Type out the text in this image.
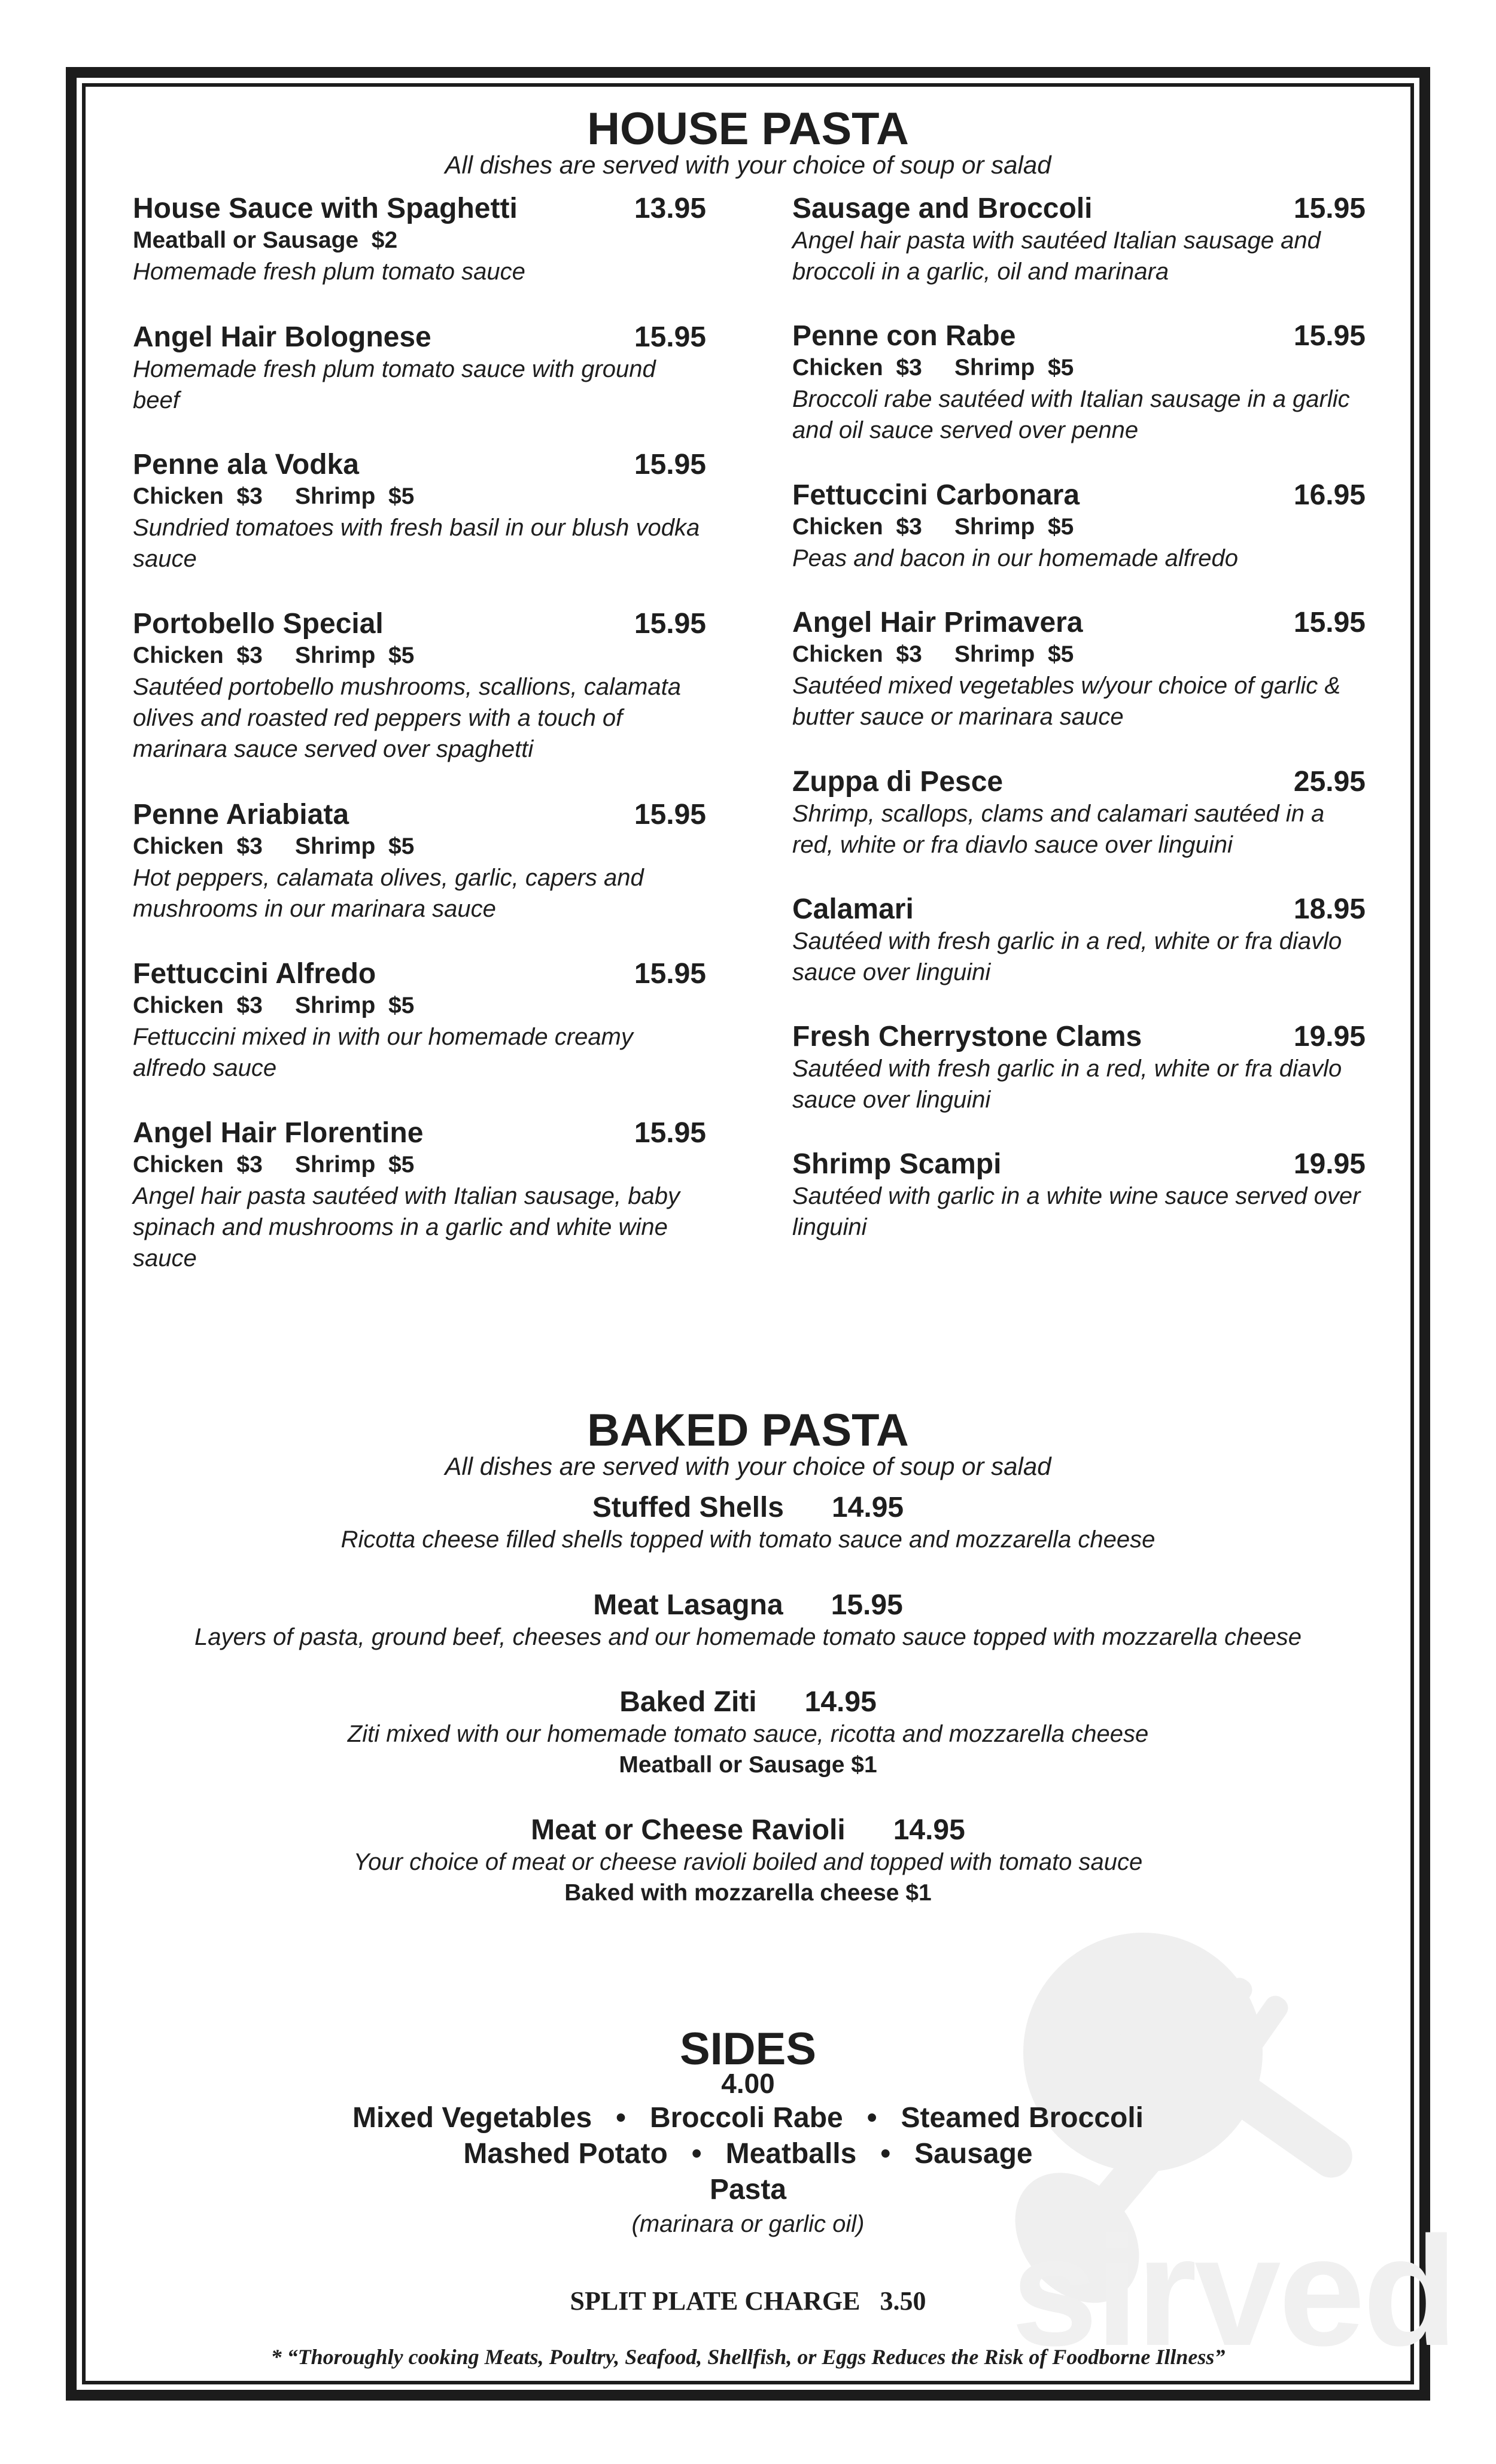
sirved
HOUSE PASTA
All dishes are served with your choice of soup or salad
House Sauce with Spaghetti	13.95
Meatball or Sausage  $2
Homemade fresh plum tomato sauce
Angel Hair Bolognese	15.95
Homemade fresh plum tomato sauce with ground beef
Penne ala Vodka	15.95
Chicken  $3     Shrimp  $5
Sundried tomatoes with fresh basil in our blush vodka sauce
Portobello Special	15.95
Chicken  $3     Shrimp  $5
Sautéed portobello mushrooms, scallions, calamata olives and roasted red peppers with a touch of marinara sauce served over spaghetti
Penne Ariabiata	15.95
Chicken  $3     Shrimp  $5
Hot peppers, calamata olives, garlic, capers and mushrooms in our marinara sauce
Fettuccini Alfredo	15.95
Chicken  $3     Shrimp  $5
Fettuccini mixed in with our homemade creamy alfredo sauce
Angel Hair Florentine	15.95
Chicken  $3     Shrimp  $5
Angel hair pasta sautéed with Italian sausage, baby spinach and mushrooms in a garlic and white wine sauce
Sausage and Broccoli	15.95
Angel hair pasta with sautéed Italian sausage and broccoli in a garlic, oil and marinara
Penne con Rabe	15.95
Chicken  $3     Shrimp  $5
Broccoli rabe sautéed with Italian sausage in a garlic and oil sauce served over penne
Fettuccini Carbonara	16.95
Chicken  $3     Shrimp  $5
Peas and bacon in our homemade alfredo
Angel Hair Primavera	15.95
Chicken  $3     Shrimp  $5
Sautéed mixed vegetables w/your choice of garlic & butter sauce or marinara sauce
Zuppa di Pesce	25.95
Shrimp, scallops, clams and calamari sautéed in a red, white or fra diavlo sauce over linguini
Calamari	18.95
Sautéed with fresh garlic in a red, white or fra diavlo sauce over linguini
Fresh Cherrystone Clams	19.95
Sautéed with fresh garlic in a red, white or fra diavlo sauce over linguini
Shrimp Scampi	19.95
Sautéed with garlic in a white wine sauce served over linguini
BAKED PASTA
All dishes are served with your choice of soup or salad
Stuffed Shells 14.95
Ricotta cheese filled shells topped with tomato sauce and mozzarella cheese
Meat Lasagna 15.95
Layers of pasta, ground beef, cheeses and our homemade tomato sauce topped with mozzarella cheese
Baked Ziti 14.95
Ziti mixed with our homemade tomato sauce, ricotta and mozzarella cheese
Meatball or Sausage $1
Meat or Cheese Ravioli 14.95
Your choice of meat or cheese ravioli boiled and topped with tomato sauce
Baked with mozzarella cheese $1
SIDES
4.00
Mixed Vegetables   •   Broccoli Rabe   •   Steamed Broccoli
Mashed Potato   •   Meatballs   •   Sausage
Pasta
(marinara or garlic oil)
SPLIT PLATE CHARGE   3.50
* “Thoroughly cooking Meats, Poultry, Seafood, Shellfish, or Eggs Reduces the Risk of Foodborne Illness”
